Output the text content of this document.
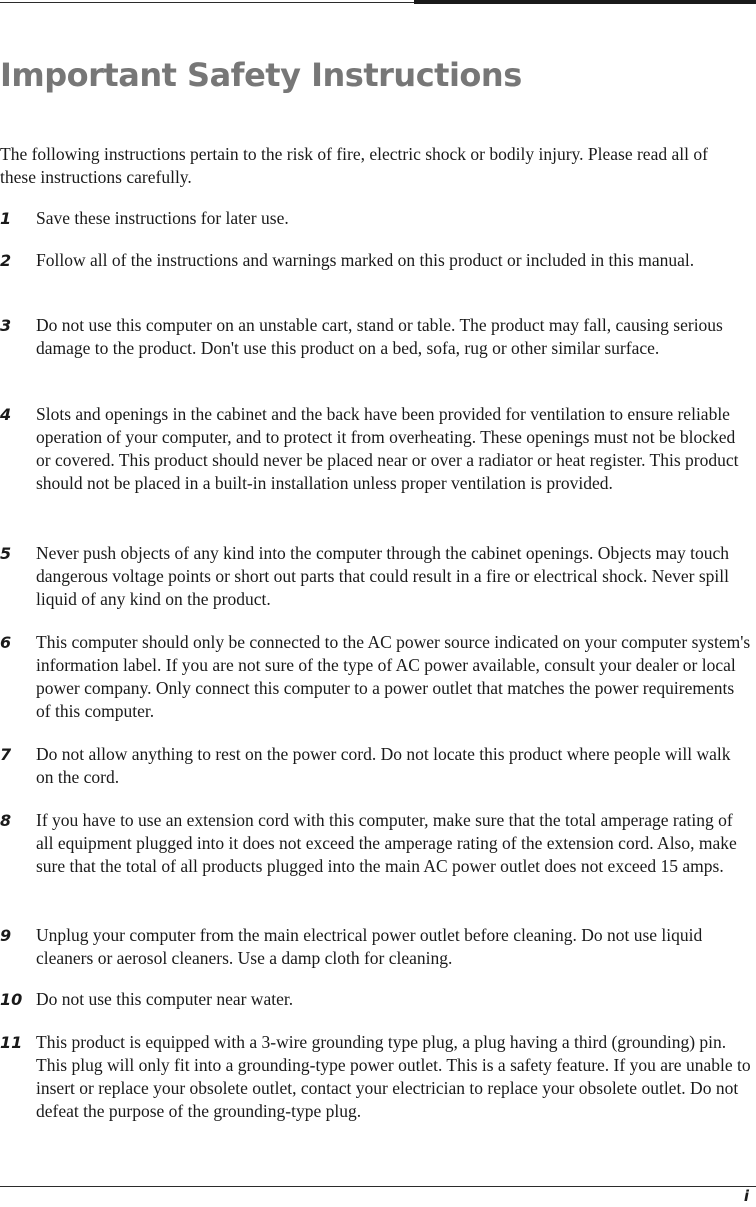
Important Safety Instructions

The following instructions pertain to the risk of fire, electric shock or bodily injury. Please read all of these instructions carefully.

1	Save these instructions for later use.

2	Follow all of the instructions and warnings marked on this product or included in this manual.

3	Do not use this computer on an unstable cart, stand or table. The product may fall, causing serious damage to the product. Don't use this product on a bed, sofa, rug or other similar surface.

4	Slots and openings in the cabinet and the back have been provided for ventilation to ensure reliable operation of your computer, and to protect it from overheating. These openings must not be blocked or covered. This product should never be placed near or over a radiator or heat register. This product should not be placed in a built-in installation unless proper ventilation is provided.

5	Never push objects of any kind into the computer through the cabinet openings. Objects may touch dangerous voltage points or short out parts that could result in a fire or electrical shock. Never spill liquid of any kind on the product.

6	This computer should only be connected to the AC power source indicated on your computer system's information label. If you are not sure of the type of AC power available, consult your dealer or local power company. Only connect this computer to a power outlet that matches the power requirements of this computer.

7	Do not allow anything to rest on the power cord. Do not locate this product where people will walk on the cord.

8	If you have to use an extension cord with this computer, make sure that the total amperage rating of all equipment plugged into it does not exceed the amperage rating of the extension cord. Also, make sure that the total of all products plugged into the main AC power outlet does not exceed 15 amps.

9	Unplug your computer from the main electrical power outlet before cleaning. Do not use liquid cleaners or aerosol cleaners. Use a damp cloth for cleaning.

10 Do not use this computer near water.

11 This product is equipped with a 3-wire grounding type plug, a plug having a third (grounding) pin. This plug will only fit into a grounding-type power outlet. This is a safety feature. If you are unable to insert or replace your obsolete outlet, contact your electrician to replace your obsolete outlet. Do not defeat the purpose of the grounding-type plug.

i
